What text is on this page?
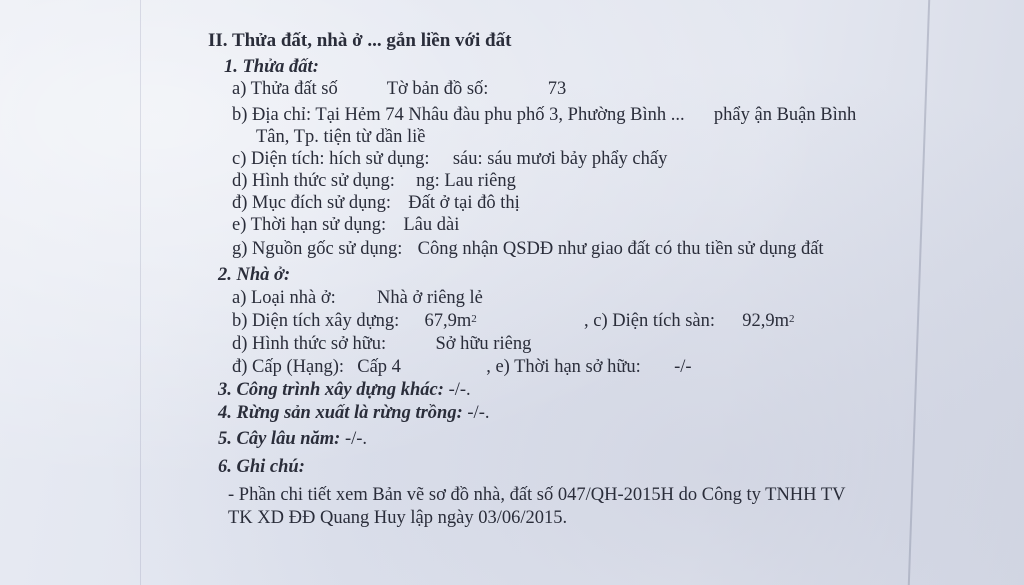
II. Thửa đất, nhà ở ... gắn liền với đất
1. Thửa đất:
a) Thửa đất số	Tờ bản đồ số:	73
b) Địa chỉ: Tại Hẻm 74 Nhâu đàu phu phố 3, Phường Bình ... phẩy ận Buận Bình
Tân, Tp. tiện từ dần liề
c) Diện tích: hích sử dụng: sáu: sáu mươi bảy phẩy chấy
d) Hình thức sử dụng: ng: Lau riêng
đ) Mục đích sử dụng: Đất ở tại đô thị
e) Thời hạn sử dụng: Lâu dài
g) Nguồn gốc sử dụng: Công nhận QSDĐ như giao đất có thu tiền sử dụng đất
2. Nhà ở:
a) Loại nhà ở: Nhà ở riêng lẻ
b) Diện tích xây dựng: $67,9m^2$	, c) Diện tích sàn: $92,9m^2$
d) Hình thức sở hữu:	Sở hữu riêng
đ) Cấp (Hạng): Cấp 4	, e) Thời hạn sở hữu: -/-
3. Công trình xây dựng khác: -/-.
4. Rừng sản xuất là rừng trồng: -/-.
5. Cây lâu năm: -/-.
6. Ghi chú:
- Phần chi tiết xem Bản vẽ sơ đồ nhà, đất số 047/QH-2015H do Công ty TNHH TV
TK XD ĐĐ Quang Huy lập ngày 03/06/2015.
